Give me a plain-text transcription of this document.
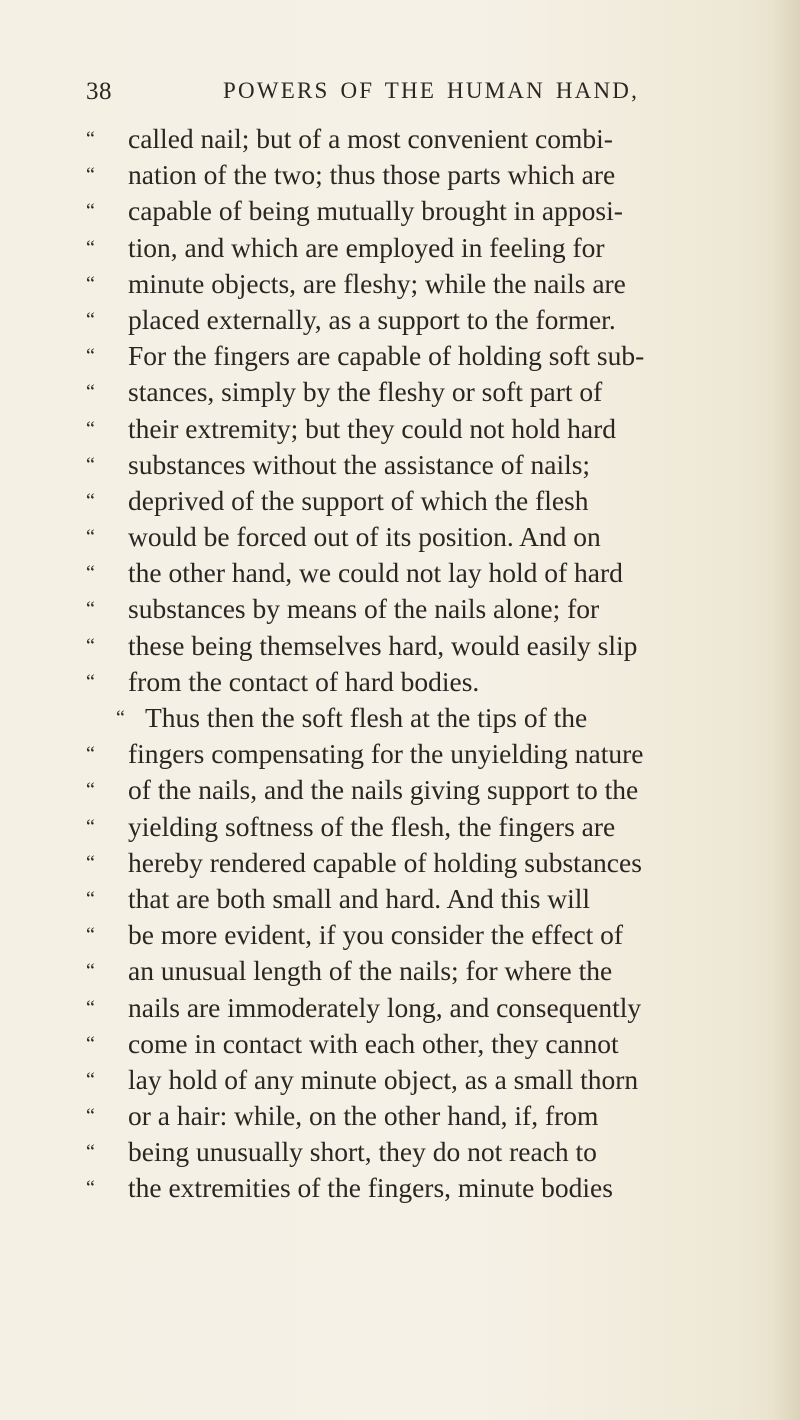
38	POWERS OF THE HUMAN HAND,
“	called nail; but of a most convenient combi-
“	nation of the two; thus those parts which are
“	capable of being mutually brought in apposi-
“	tion, and which are employed in feeling for
“	minute objects, are fleshy; while the nails are
“	placed externally, as a support to the former.
“	For the fingers are capable of holding soft sub-
“	stances, simply by the fleshy or soft part of
“	their extremity; but they could not hold hard
“	substances without the assistance of nails;
“	deprived of the support of which the flesh
“	would be forced out of its position. And on
“	the other hand, we could not lay hold of hard
“	substances by means of the nails alone; for
“	these being themselves hard, would easily slip
“	from the contact of hard bodies.
“ Thus then the soft flesh at the tips of the
“	fingers compensating for the unyielding nature
“	of the nails, and the nails giving support to the
“	yielding softness of the flesh, the fingers are
“	hereby rendered capable of holding substances
“	that are both small and hard. And this will
“	be more evident, if you consider the effect of
“	an unusual length of the nails; for where the
“	nails are immoderately long, and consequently
“	come in contact with each other, they cannot
“	lay hold of any minute object, as a small thorn
“	or a hair: while, on the other hand, if, from
“	being unusually short, they do not reach to
“	the extremities of the fingers, minute bodies
